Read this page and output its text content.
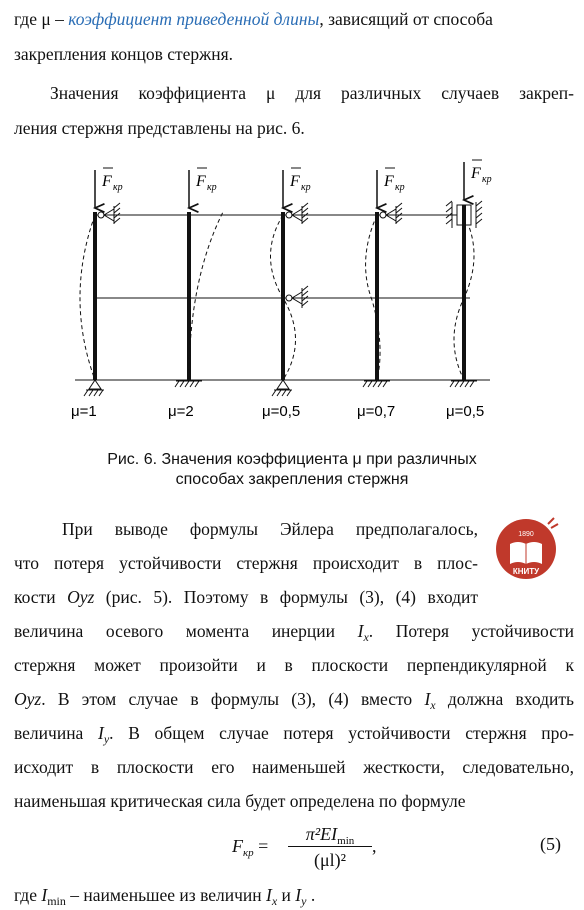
где μ – коэффициент приведенной длины, зависящий от способа
закрепления концов стержня.
Значения коэффициента μ для различных случаев закреп-
ления стержня представлены на рис. 6.
F кр	F кр	F кр	F кр
F кр
μ=1	μ=2	μ=0,5	μ=0,7	μ=0,5
Рис. 6. Значения коэффициента μ при различных
способах закрепления стержня
1890
КНИТУ
При выводе формулы Эйлера предполагалось,
что потеря устойчивости стержня происходит в плос-
кости Oyz (рис. 5). Поэтому в формулы (3), (4) входит
величина осевого момента инерции $I_x$. Потеря устойчивости
стержня может произойти и в плоскости перпендикулярной к
Oyz. В этом случае в формулы (3), (4) вместо $I_x$ должна входить
величина $I_y$. В общем случае потеря устойчивости стержня про-
исходит в плоскости его наименьшей жесткости, следовательно,
наименьшая критическая сила будет определена по формуле
$F_{кр}$ =
$\pi^2EI_{min}$
(μl)²
,	(5)
где $I_{min}$ – наименьшее из величин $I_x$ и $I_y$ .
